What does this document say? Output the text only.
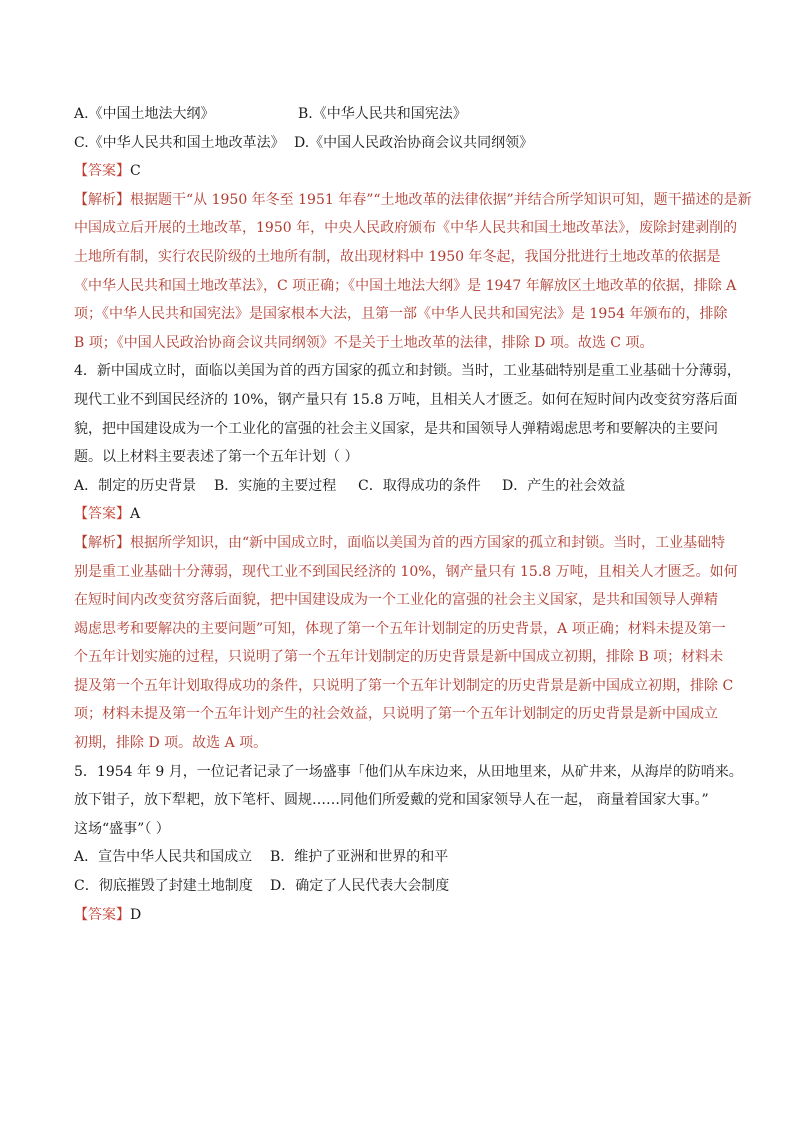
A.《中国土地法大纲》	B.《中华人民共和国宪法》
C.《中华人民共和国土地改革法》 D.《中国人民政治协商会议共同纲领》
【答案】C
【解析】根据题干“从 1950 年冬至 1951 年春”“土地改革的法律依据”并结合所学知识可知，题干描述的是新
中国成立后开展的土地改革，1950 年，中央人民政府颁布《中华人民共和国土地改革法》，废除封建剥削的
土地所有制，实行农民阶级的土地所有制，故出现材料中 1950 年冬起，我国分批进行土地改革的依据是
《中华人民共和国土地改革法》，C 项正确；《中国土地法大纲》是 1947 年解放区土地改革的依据，排除 A
项；《中华人民共和国宪法》是国家根本大法，且第一部《中华人民共和国宪法》是 1954 年颁布的，排除
B 项；《中国人民政治协商会议共同纲领》不是关于土地改革的法律，排除 D 项。故选 C 项。
4．新中国成立时，面临以美国为首的西方国家的孤立和封锁。当时，工业基础特别是重工业基础十分薄弱，
现代工业不到国民经济的 10%，钢产量只有 15.8 万吨，且相关人才匮乏。如何在短时间内改变贫穷落后面
貌，把中国建设成为一个工业化的富强的社会主义国家，是共和国领导人弹精竭虑思考和要解决的主要问
题。以上材料主要表述了第一个五年计划（ ）
A．制定的历史背景 B．实施的主要过程 C．取得成功的条件 D．产生的社会效益
【答案】A
【解析】根据所学知识，由“新中国成立时，面临以美国为首的西方国家的孤立和封锁。当时，工业基础特
别是重工业基础十分薄弱，现代工业不到国民经济的 10%，钢产量只有 15.8 万吨，且相关人才匮乏。如何
在短时间内改变贫穷落后面貌，把中国建设成为一个工业化的富强的社会主义国家，是共和国领导人弹精
竭虑思考和要解决的主要问题”可知，体现了第一个五年计划制定的历史背景，A 项正确；材料未提及第一
个五年计划实施的过程，只说明了第一个五年计划制定的历史背景是新中国成立初期，排除 B 项；材料未
提及第一个五年计划取得成功的条件，只说明了第一个五年计划制定的历史背景是新中国成立初期，排除 C
项；材料未提及第一个五年计划产生的社会效益，只说明了第一个五年计划制定的历史背景是新中国成立
初期，排除 D 项。故选 A 项。
5．1954 年 9 月，一位记者记录了一场盛事「他们从车床边来，从田地里来，从矿井来，从海岸的防哨来。
放下钳子，放下犁耙，放下笔杆、圆规……同他们所爱戴的党和国家领导人在一起， 商量着国家大事。”
这场“盛事”（ ）
A．宣告中华人民共和国成立 B．维护了亚洲和世界的和平
C．彻底摧毁了封建土地制度 D．确定了人民代表大会制度
【答案】D
